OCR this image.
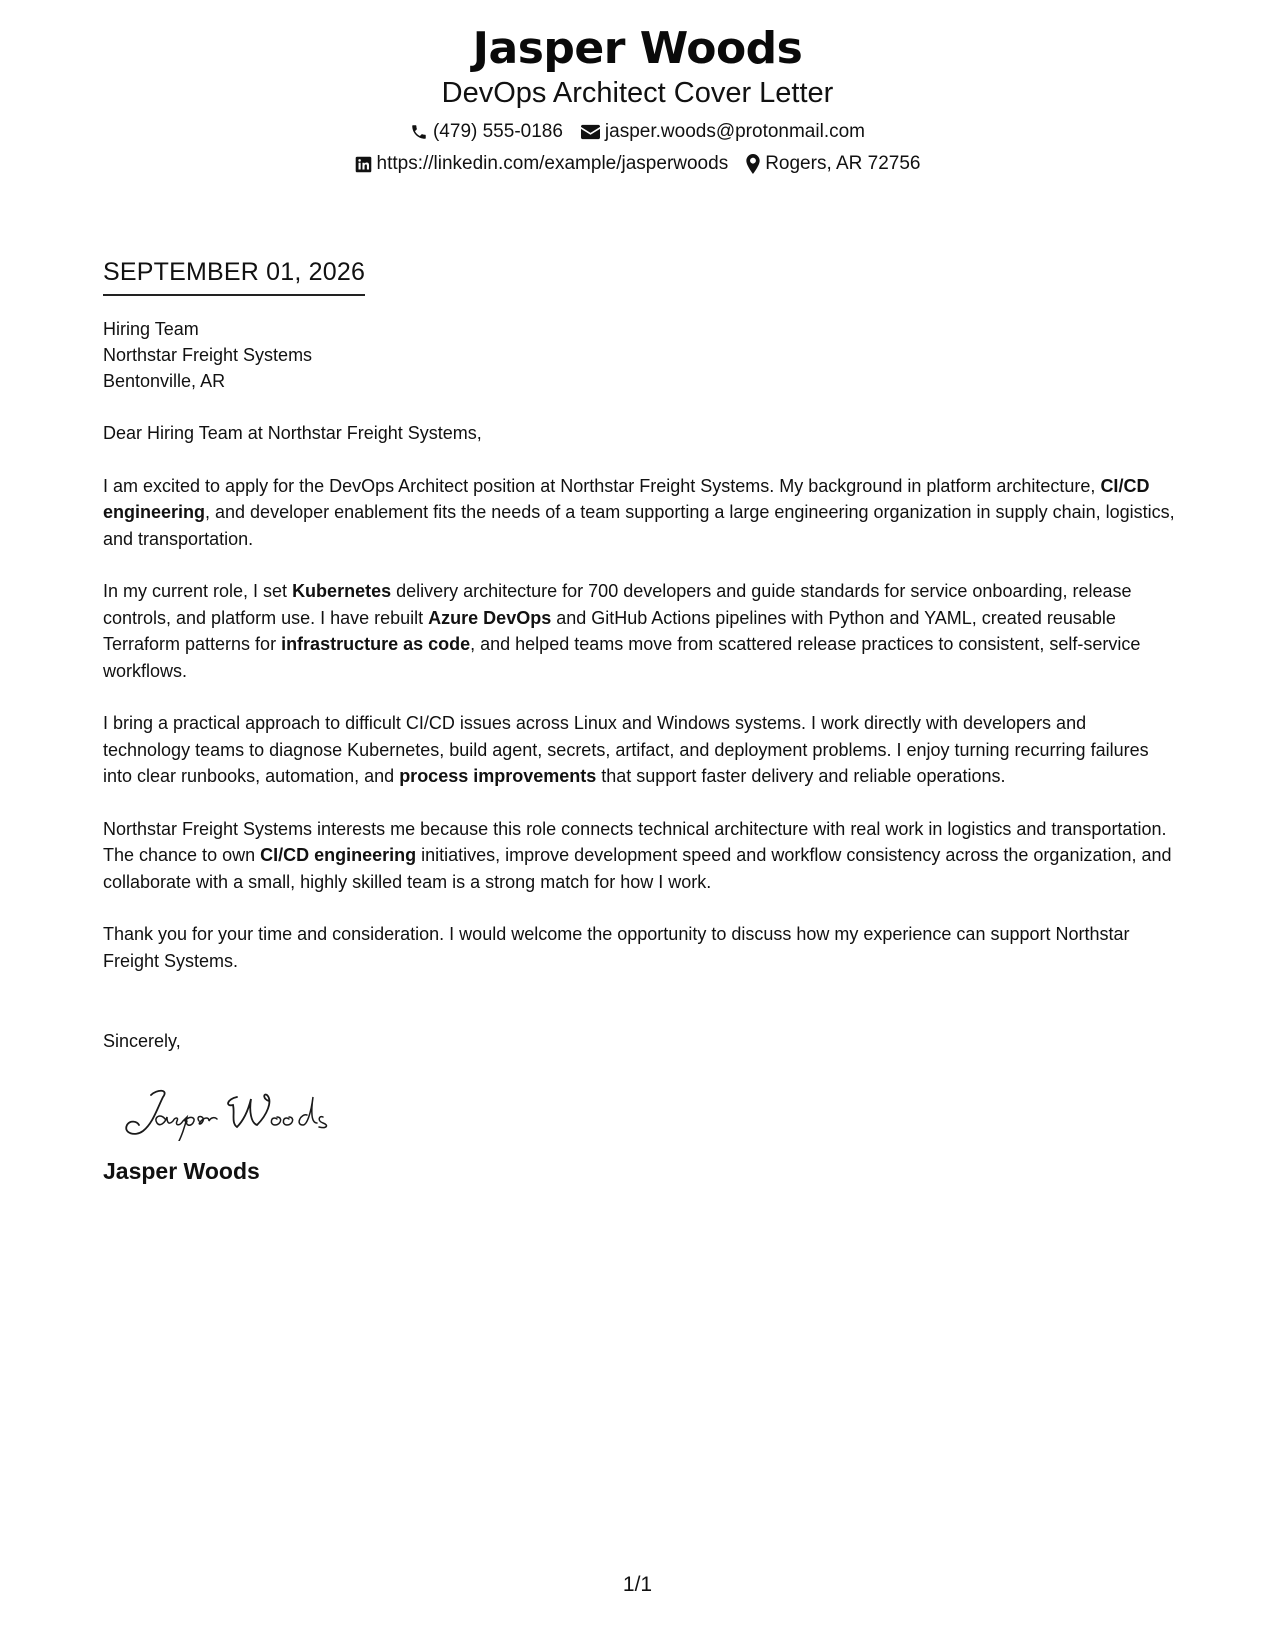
Jasper Woods
DevOps Architect Cover Letter
(479) 555-0186 jasper.woods@protonmail.com
https://linkedin.com/example/jasperwoods Rogers, AR 72756
SEPTEMBER 01, 2026
Hiring Team
Northstar Freight Systems
Bentonville, AR
Dear Hiring Team at Northstar Freight Systems,
I am excited to apply for the DevOps Architect position at Northstar Freight Systems. My background in platform architecture, CI/CD engineering, and developer enablement fits the needs of a team supporting a large engineering organization in supply chain, logistics, and transportation.
In my current role, I set Kubernetes delivery architecture for 700 developers and guide standards for service onboarding, release controls, and platform use. I have rebuilt Azure DevOps and GitHub Actions pipelines with Python and YAML, created reusable Terraform patterns for infrastructure as code, and helped teams move from scattered release practices to consistent, self-service workflows.
I bring a practical approach to difficult CI/CD issues across Linux and Windows systems. I work directly with developers and technology teams to diagnose Kubernetes, build agent, secrets, artifact, and deployment problems. I enjoy turning recurring failures into clear runbooks, automation, and process improvements that support faster delivery and reliable operations.
Northstar Freight Systems interests me because this role connects technical architecture with real work in logistics and transportation. The chance to own CI/CD engineering initiatives, improve development speed and workflow consistency across the organization, and collaborate with a small, highly skilled team is a strong match for how I work.
Thank you for your time and consideration. I would welcome the opportunity to discuss how my experience can support Northstar Freight Systems.
Sincerely,
Jasper Woods
1/1
